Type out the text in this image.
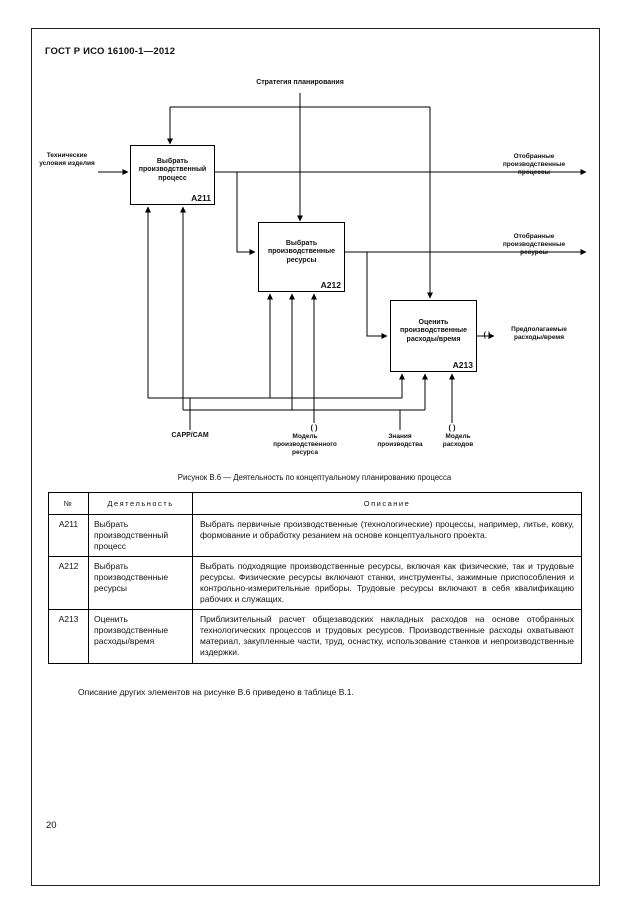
ГОСТ Р ИСО 16100-1—2012
Стратегия планирования
Технические условия изделия	Выбрать производственный процесс
А211
Выбрать производственные ресурсы
А212
Оценить производственные расходы/время
А213
Отобранные производственные процессы
Отобранные производственные ресурсы
Предполагаемые расходы/время
( )
CAPP/CAM
( )
Модель производственного ресурса
Знания производства
( )
Модель расходов
Рисунок В.6 — Деятельность по концептуальному планированию процесса
№	Деятельность	Описание
А211	Выбрать производственный процесс	Выбрать первичные производственные (технологические) процессы, например, литье, ковку, формование и обработку резанием на основе концептуального проекта.
А212	Выбрать производственные ресурсы	Выбрать подходящие производственные ресурсы, включая как физические, так и трудовые ресурсы. Физические ресурсы включают станки, инструменты, зажимные приспособления и контрольно-измерительные приборы. Трудовые ресурсы включают в себя квалификацию рабочих и служащих.
А213	Оценить производственные расходы/время	Приблизительный расчет общезаводских накладных расходов на основе отобранных технологических процессов и трудовых ресурсов. Производственные расходы охватывают материал, закупленные части, труд, оснастку, использование станков и непроизводственные издержки.
Описание других элементов на рисунке В.6 приведено в таблице В.1.
20
